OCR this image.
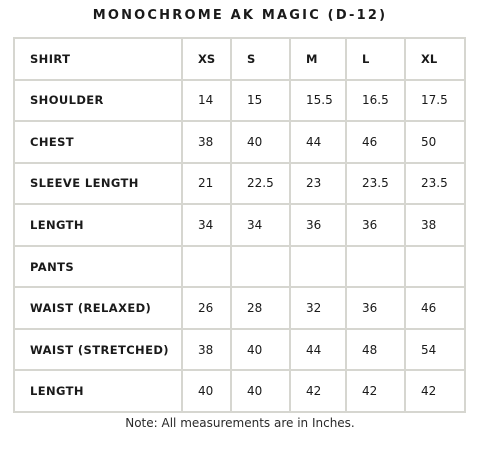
MONOCHROME AK MAGIC (D-12)
SHIRT	XS	S	M	L	XL
SHOULDER	14	15	15.5	16.5	17.5
CHEST	38	40	44	46	50
SLEEVE LENGTH	21	22.5	23	23.5	23.5
LENGTH	34	34	36	36	38
PANTS					
WAIST (RELAXED)	26	28	32	36	46
WAIST (STRETCHED)	38	40	44	48	54
LENGTH	40	40	42	42	42
Note: All measurements are in Inches.
